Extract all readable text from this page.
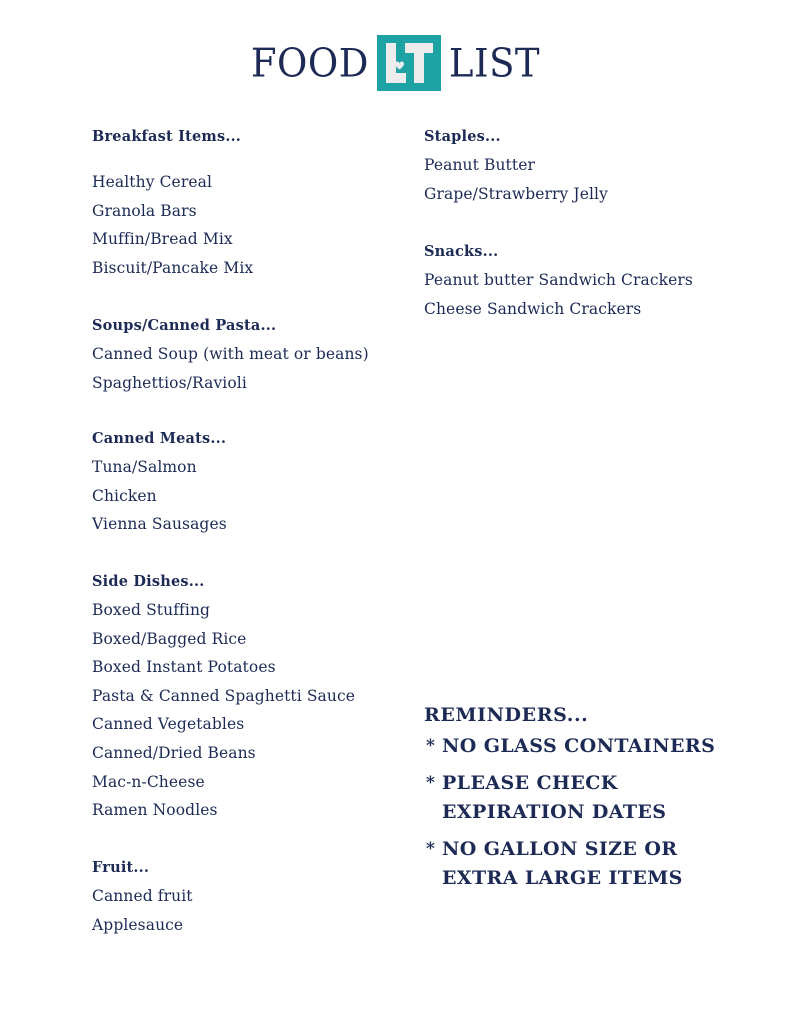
FOOD LIST
Breakfast Items...
Healthy Cereal
Granola Bars
Muffin/Bread Mix
Biscuit/Pancake Mix
Soups/Canned Pasta...
Canned Soup (with meat or beans)
Spaghettios/Ravioli
Canned Meats...
Tuna/Salmon
Chicken
Vienna Sausages
Side Dishes...
Boxed Stuffing
Boxed/Bagged Rice
Boxed Instant Potatoes
Pasta & Canned Spaghetti Sauce
Canned Vegetables
Canned/Dried Beans
Mac-n-Cheese
Ramen Noodles
Fruit...
Canned fruit
Applesauce
Staples...
Peanut Butter
Grape/Strawberry Jelly
Snacks...
Peanut butter Sandwich Crackers
Cheese Sandwich Crackers
REMINDERS...
* NO GLASS CONTAINERS
* PLEASE CHECK
EXPIRATION DATES
* NO GALLON SIZE OR
EXTRA LARGE ITEMS
